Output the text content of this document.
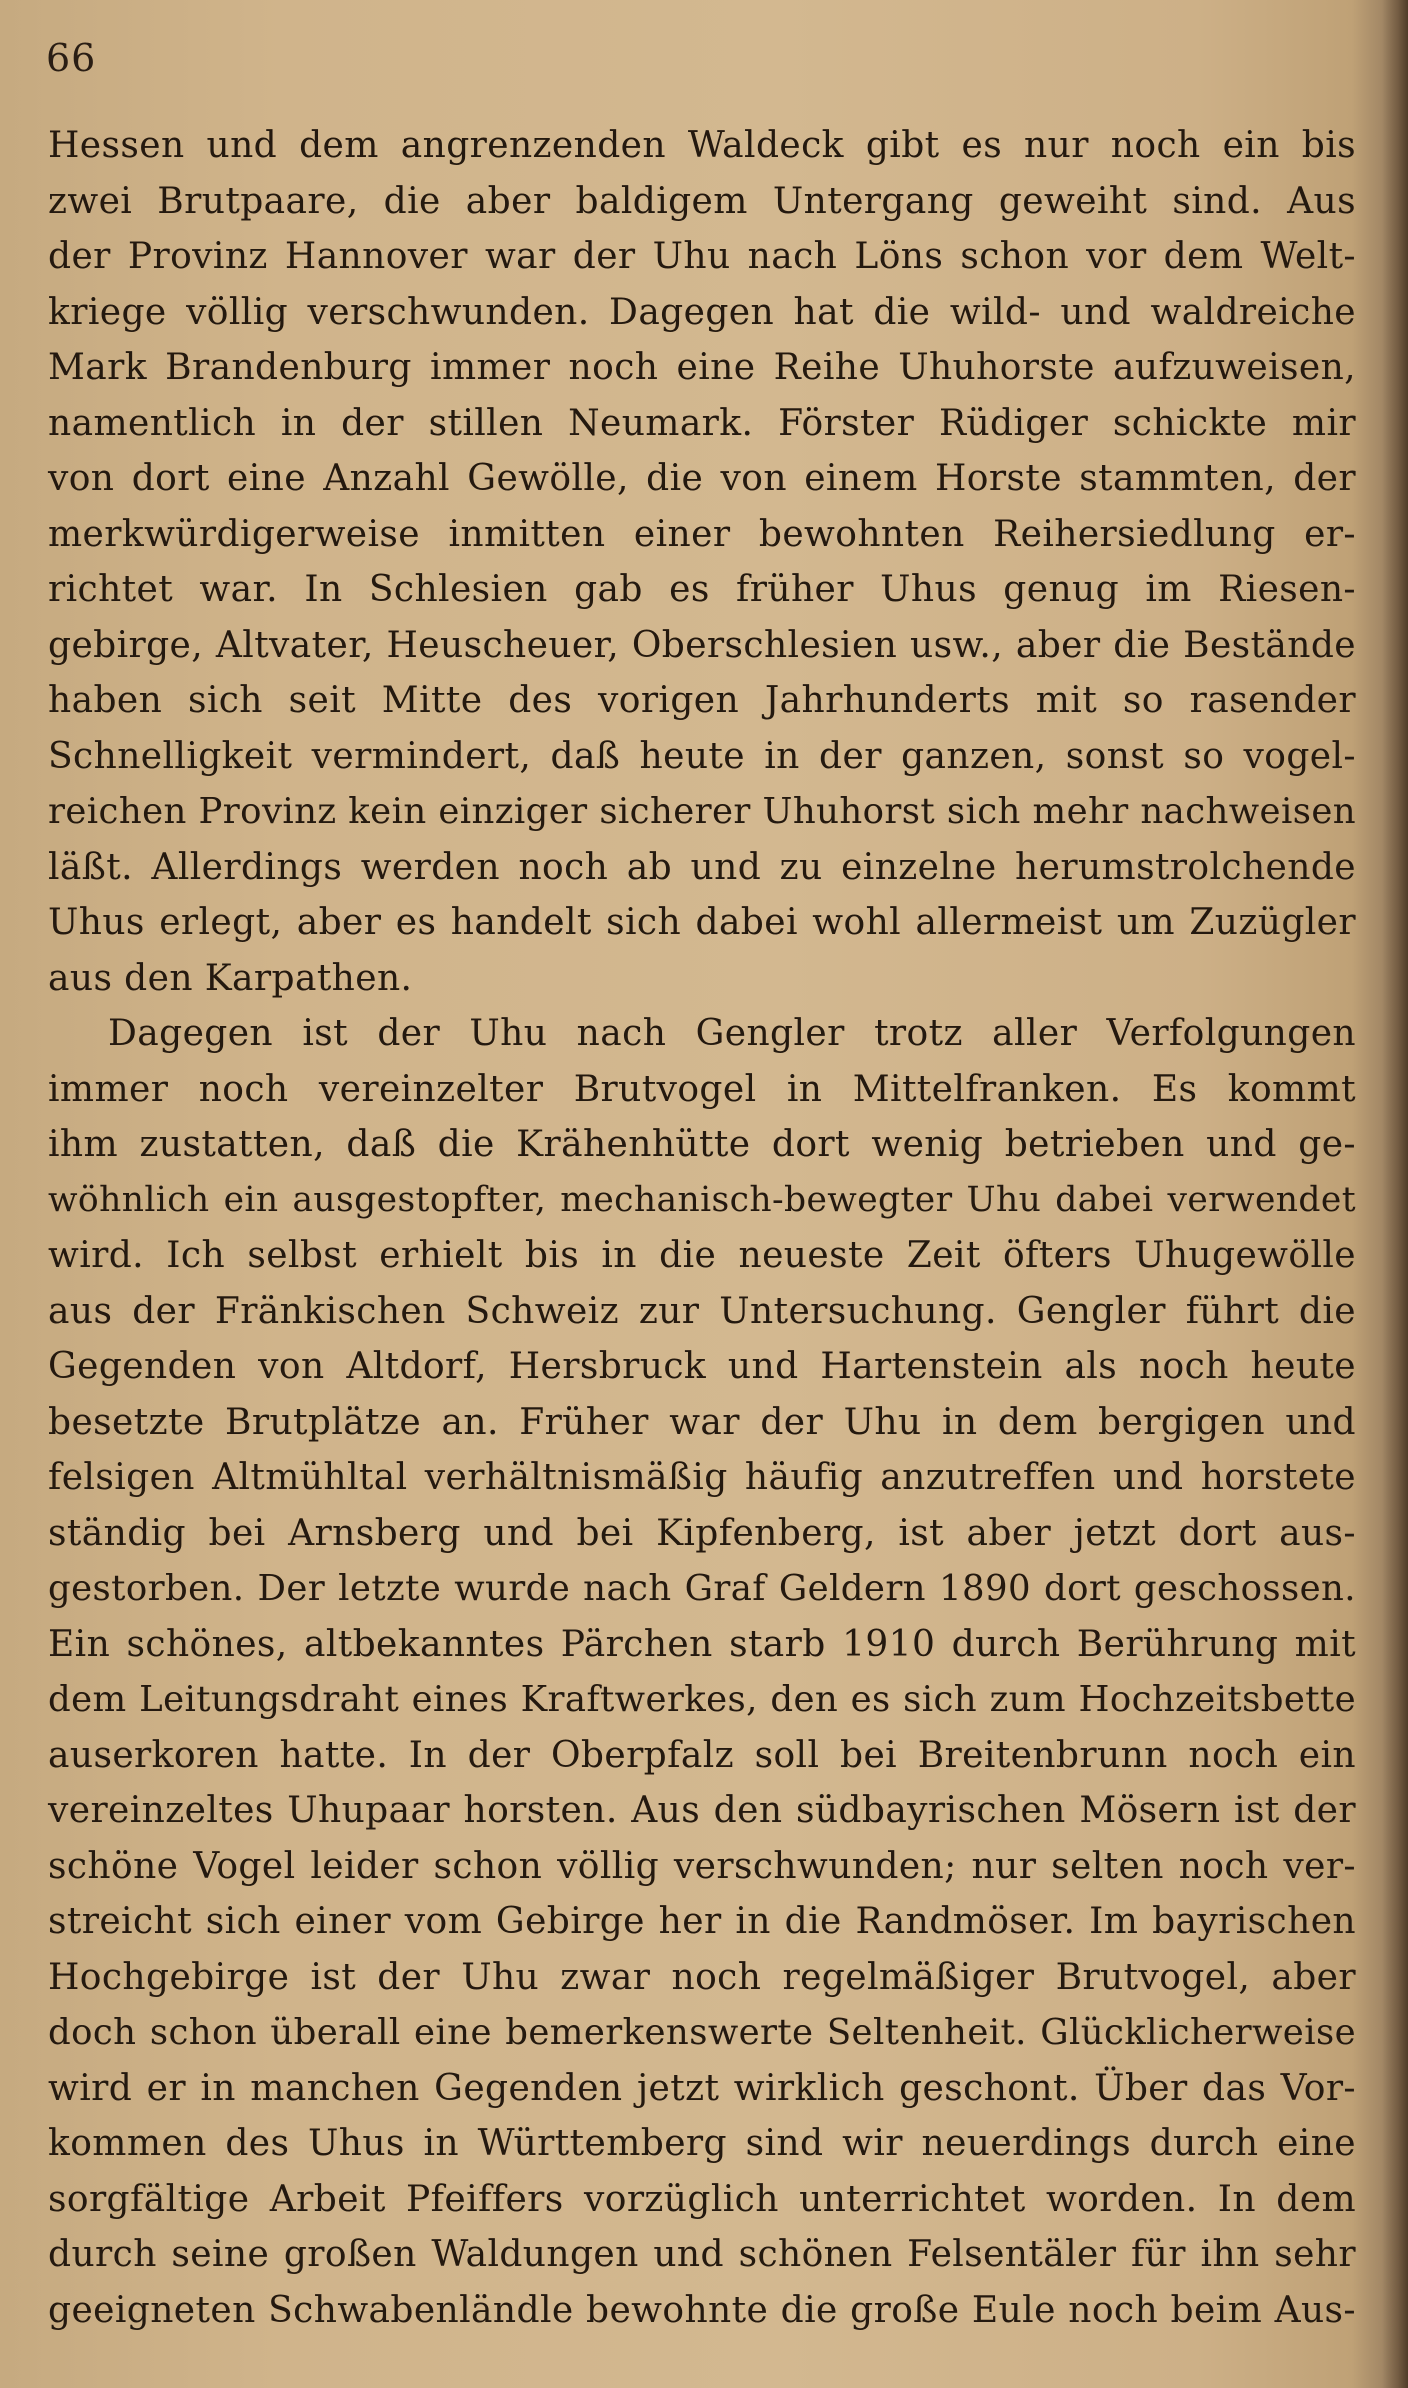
66
Hessen und dem angrenzenden Waldeck gibt es nur noch ein bis
zwei Brutpaare, die aber baldigem Untergang geweiht sind. Aus
der Provinz Hannover war der Uhu nach Löns schon vor dem Welt-
kriege völlig verschwunden. Dagegen hat die wild- und waldreiche
Mark Brandenburg immer noch eine Reihe Uhuhorste aufzuweisen,
namentlich in der stillen Neumark. Förster Rüdiger schickte mir
von dort eine Anzahl Gewölle, die von einem Horste stammten, der
merkwürdigerweise inmitten einer bewohnten Reihersiedlung er-
richtet war. In Schlesien gab es früher Uhus genug im Riesen-
gebirge, Altvater, Heuscheuer, Oberschlesien usw., aber die Bestände
haben sich seit Mitte des vorigen Jahrhunderts mit so rasender
Schnelligkeit vermindert, daß heute in der ganzen, sonst so vogel-
reichen Provinz kein einziger sicherer Uhuhorst sich mehr nachweisen
läßt. Allerdings werden noch ab und zu einzelne herumstrolchende
Uhus erlegt, aber es handelt sich dabei wohl allermeist um Zuzügler
aus den Karpathen.
Dagegen ist der Uhu nach Gengler trotz aller Verfolgungen
immer noch vereinzelter Brutvogel in Mittelfranken. Es kommt
ihm zustatten, daß die Krähenhütte dort wenig betrieben und ge-
wöhnlich ein ausgestopfter, mechanisch-bewegter Uhu dabei verwendet
wird. Ich selbst erhielt bis in die neueste Zeit öfters Uhugewölle
aus der Fränkischen Schweiz zur Untersuchung. Gengler führt die
Gegenden von Altdorf, Hersbruck und Hartenstein als noch heute
besetzte Brutplätze an. Früher war der Uhu in dem bergigen und
felsigen Altmühltal verhältnismäßig häufig anzutreffen und horstete
ständig bei Arnsberg und bei Kipfenberg, ist aber jetzt dort aus-
gestorben. Der letzte wurde nach Graf Geldern 1890 dort geschossen.
Ein schönes, altbekanntes Pärchen starb 1910 durch Berührung mit
dem Leitungsdraht eines Kraftwerkes, den es sich zum Hochzeitsbette
auserkoren hatte. In der Oberpfalz soll bei Breitenbrunn noch ein
vereinzeltes Uhupaar horsten. Aus den südbayrischen Mösern ist der
schöne Vogel leider schon völlig verschwunden; nur selten noch ver-
streicht sich einer vom Gebirge her in die Randmöser. Im bayrischen
Hochgebirge ist der Uhu zwar noch regelmäßiger Brutvogel, aber
doch schon überall eine bemerkenswerte Seltenheit. Glücklicherweise
wird er in manchen Gegenden jetzt wirklich geschont. Über das Vor-
kommen des Uhus in Württemberg sind wir neuerdings durch eine
sorgfältige Arbeit Pfeiffers vorzüglich unterrichtet worden. In dem
durch seine großen Waldungen und schönen Felsentäler für ihn sehr
geeigneten Schwabenländle bewohnte die große Eule noch beim Aus-
